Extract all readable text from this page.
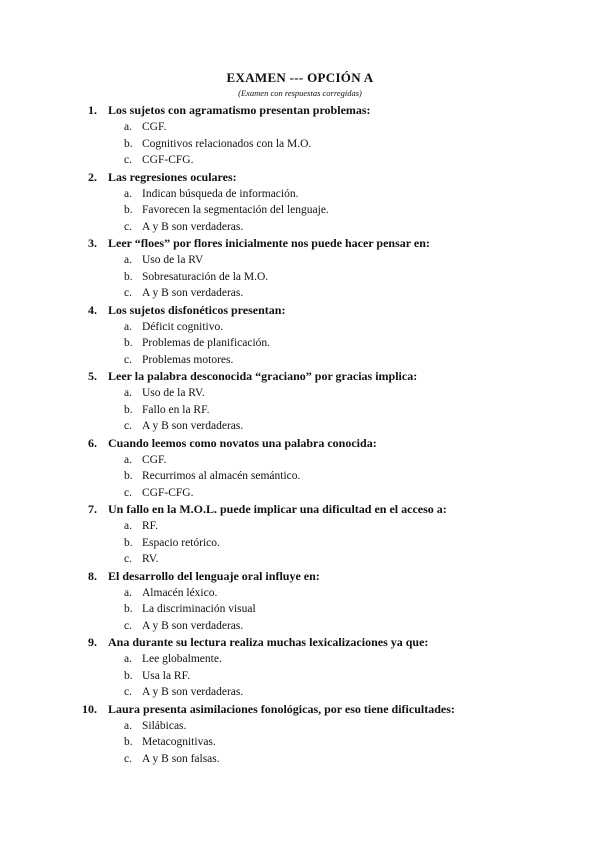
EXAMEN --- OPCIÓN A
(Examen con respuestas corregidas)
1. Los sujetos con agramatismo presentan problemas:
a. CGF.
b. Cognitivos relacionados con la M.O.
c. CGF-CFG.
2. Las regresiones oculares:
a. Indican búsqueda de información.
b. Favorecen la segmentación del lenguaje.
c. A y B son verdaderas.
3. Leer “floes” por flores inicialmente nos puede hacer pensar en:
a. Uso de la RV
b. Sobresaturación de la M.O.
c. A y B son verdaderas.
4. Los sujetos disfonéticos presentan:
a. Déficit cognitivo.
b. Problemas de planificación.
c. Problemas motores.
5. Leer la palabra desconocida “graciano” por gracias implica:
a. Uso de la RV.
b. Fallo en la RF.
c. A y B son verdaderas.
6. Cuando leemos como novatos una palabra conocida:
a. CGF.
b. Recurrimos al almacén semántico.
c. CGF-CFG.
7. Un fallo en la M.O.L. puede implicar una dificultad en el acceso a:
a. RF.
b. Espacio retórico.
c. RV.
8. El desarrollo del lenguaje oral influye en:
a. Almacén léxico.
b. La discriminación visual
c. A y B son verdaderas.
9. Ana durante su lectura realiza muchas lexicalizaciones ya que:
a. Lee globalmente.
b. Usa la RF.
c. A y B son verdaderas.
10. Laura presenta asimilaciones fonológicas, por eso tiene dificultades:
a. Silábicas.
b. Metacognitivas.
c. A y B son falsas.
